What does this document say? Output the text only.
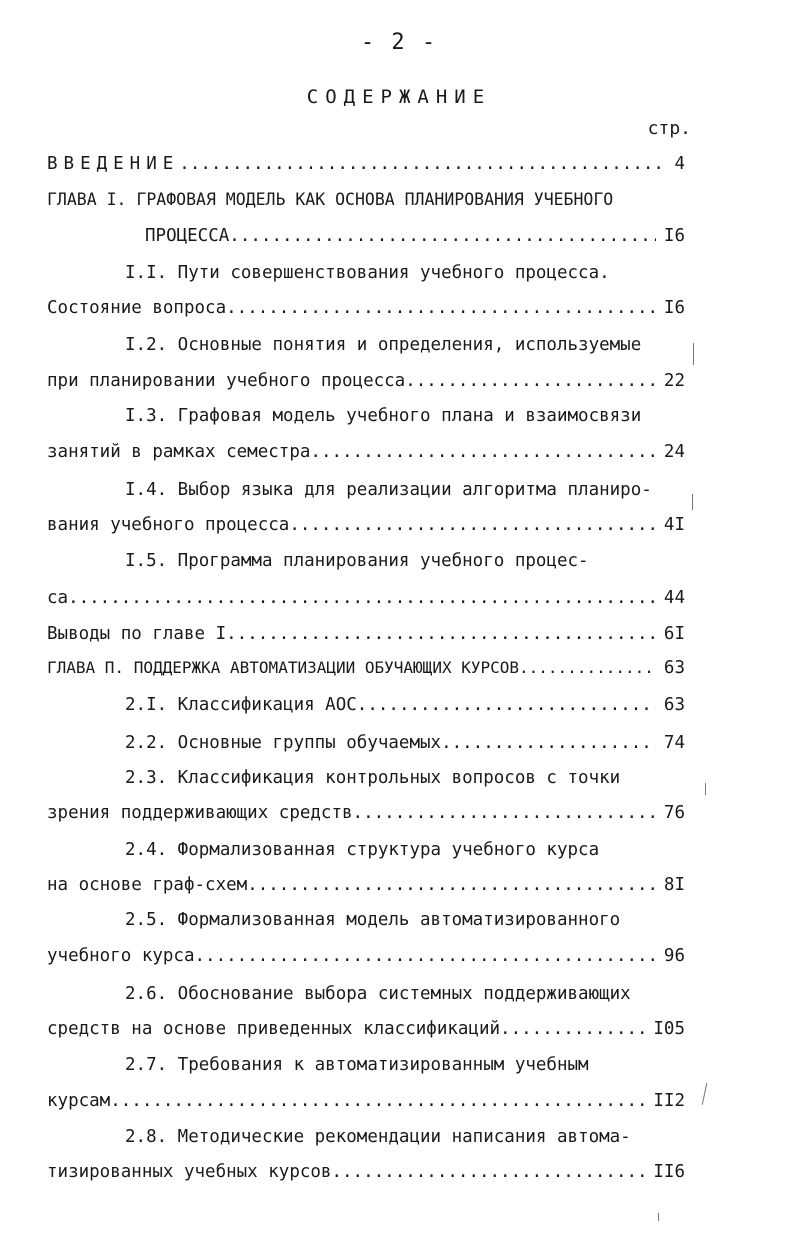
- 2 -
СОДЕРЖАНИЕ
стр.
ВВЕДЕНИЕ .....	4
ГЛАВА I. ГРАФОВАЯ МОДЕЛЬ КАК ОСНОВА ПЛАНИРОВАНИЯ УЧЕБНОГО
ПРОЦЕССА .....	I6
I.I. Пути совершенствования учебного процесса.
Состояние вопроса .....	I6
I.2. Основные понятия и определения, используемые
при планировании учебного процесса .....	22
I.3. Графовая модель учебного плана и взаимосвязи
занятий в рамках семестра .....	24
I.4. Выбор языка для реализации алгоритма планиро-
вания учебного процесса .....	4I
I.5. Программа планирования учебного процес-
са .....	44
Выводы по главе I .....	6I
ГЛАВА П. ПОДДЕРЖКА АВТОМАТИЗАЦИИ ОБУЧАЮЩИХ КУРСОВ .....	63
2.I. Классификация АОС .....	63
2.2. Основные группы обучаемых .....	74
2.3. Классификация контрольных вопросов с точки
зрения поддерживающих средств .....	76
2.4. Формализованная структура учебного курса
на основе граф-схем .....	8I
2.5. Формализованная модель автоматизированного
учебного курса .....	96
2.6. Обоснование выбора системных поддерживающих
средств на основе приведенных классификаций .....	I05
2.7. Требования к автоматизированным учебным
курсам .....	II2
2.8. Методические рекомендации написания автома-
тизированных учебных курсов .....	II6
